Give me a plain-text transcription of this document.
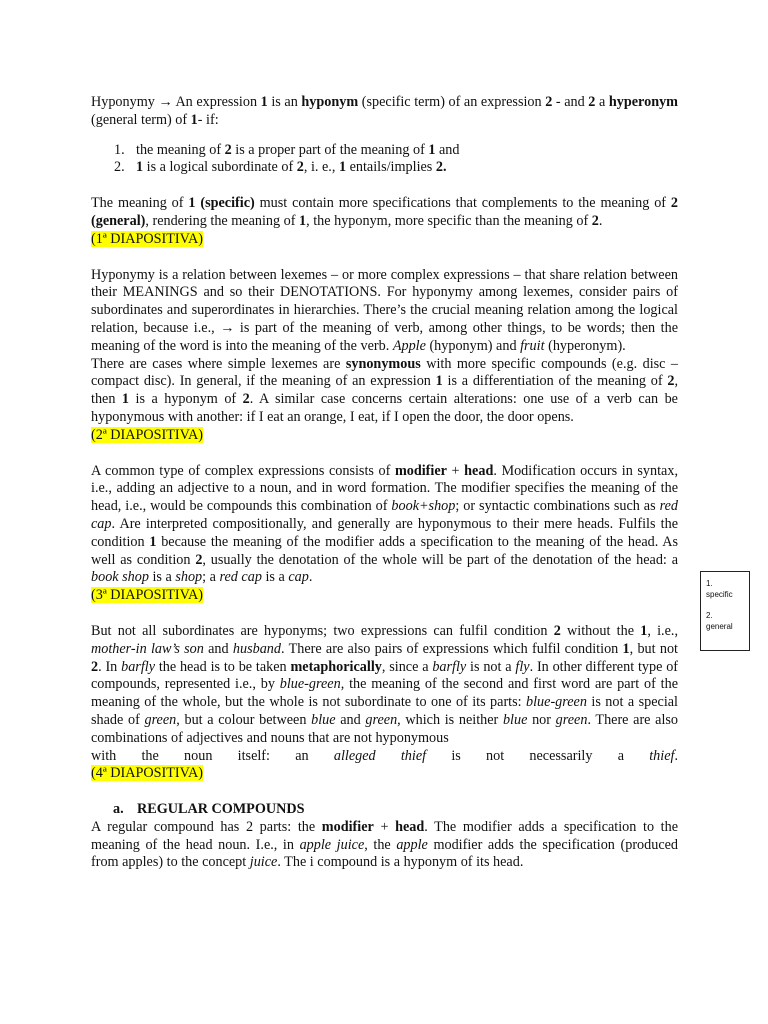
Hyponymy → An expression 1 is an hyponym (specific term) of an expression 2 - and 2 a hyperonym (general term) of 1- if:

1. the meaning of 2 is a proper part of the meaning of 1 and
2. 1 is a logical subordinate of 2, i. e., 1 entails/implies 2.

The meaning of 1 (specific) must contain more specifications that complements to the meaning of 2 (general), rendering the meaning of 1, the hyponym, more specific than the meaning of 2.
(1ª DIAPOSITIVA)

Hyponymy is a relation between lexemes – or more complex expressions – that share relation between their MEANINGS and so their DENOTATIONS. For hyponymy among lexemes, consider pairs of subordinates and superordinates in hierarchies. There’s the crucial meaning relation among the logical relation, because i.e., → is part of the meaning of verb, among other things, to be words; then the meaning of the word is into the meaning of the verb. Apple (hyponym) and fruit (hyperonym).
There are cases where simple lexemes are synonymous with more specific compounds (e.g. disc – compact disc). In general, if the meaning of an expression 1 is a differentiation of the meaning of 2, then 1 is a hyponym of 2. A similar case concerns certain alterations: one use of a verb can be hyponymous with another: if I eat an orange, I eat, if I open the door, the door opens.
(2ª DIAPOSITIVA)

A common type of complex expressions consists of modifier + head. Modification occurs in syntax, i.e., adding an adjective to a noun, and in word formation. The modifier specifies the meaning of the head, i.e., would be compounds this combination of book+shop; or syntactic combinations such as red cap. Are interpreted compositionally, and generally are hyponymous to their mere heads. Fulfils the condition 1 because the meaning of the modifier adds a specification to the meaning of the head. As well as condition 2, usually the denotation of the whole will be part of the denotation of the head: a book shop is a shop; a red cap is a cap.
(3ª DIAPOSITIVA)

But not all subordinates are hyponyms; two expressions can fulfil condition 2 without the 1, i.e., mother-in law’s son and husband. There are also pairs of expressions which fulfil condition 1, but not 2. In barfly the head is to be taken metaphorically, since a barfly is not a fly. In other different type of compounds, represented i.e., by blue-green, the meaning of the second and first word are part of the meaning of the whole, but the whole is not subordinate to one of its parts: blue-green is not a special shade of green, but a colour between blue and green, which is neither blue nor green. There are also combinations of adjectives and nouns that are not hyponymous
with the noun itself: an alleged thief is not necessarily a thief.
(4ª DIAPOSITIVA)

a. REGULAR COMPOUNDS

A regular compound has 2 parts: the modifier + head. The modifier adds a specification to the meaning of the head noun. I.e., in apple juice, the apple modifier adds the specification (produced from apples) to the concept juice. The i compound is a hyponym of its head.

1.
specific
2.
general
